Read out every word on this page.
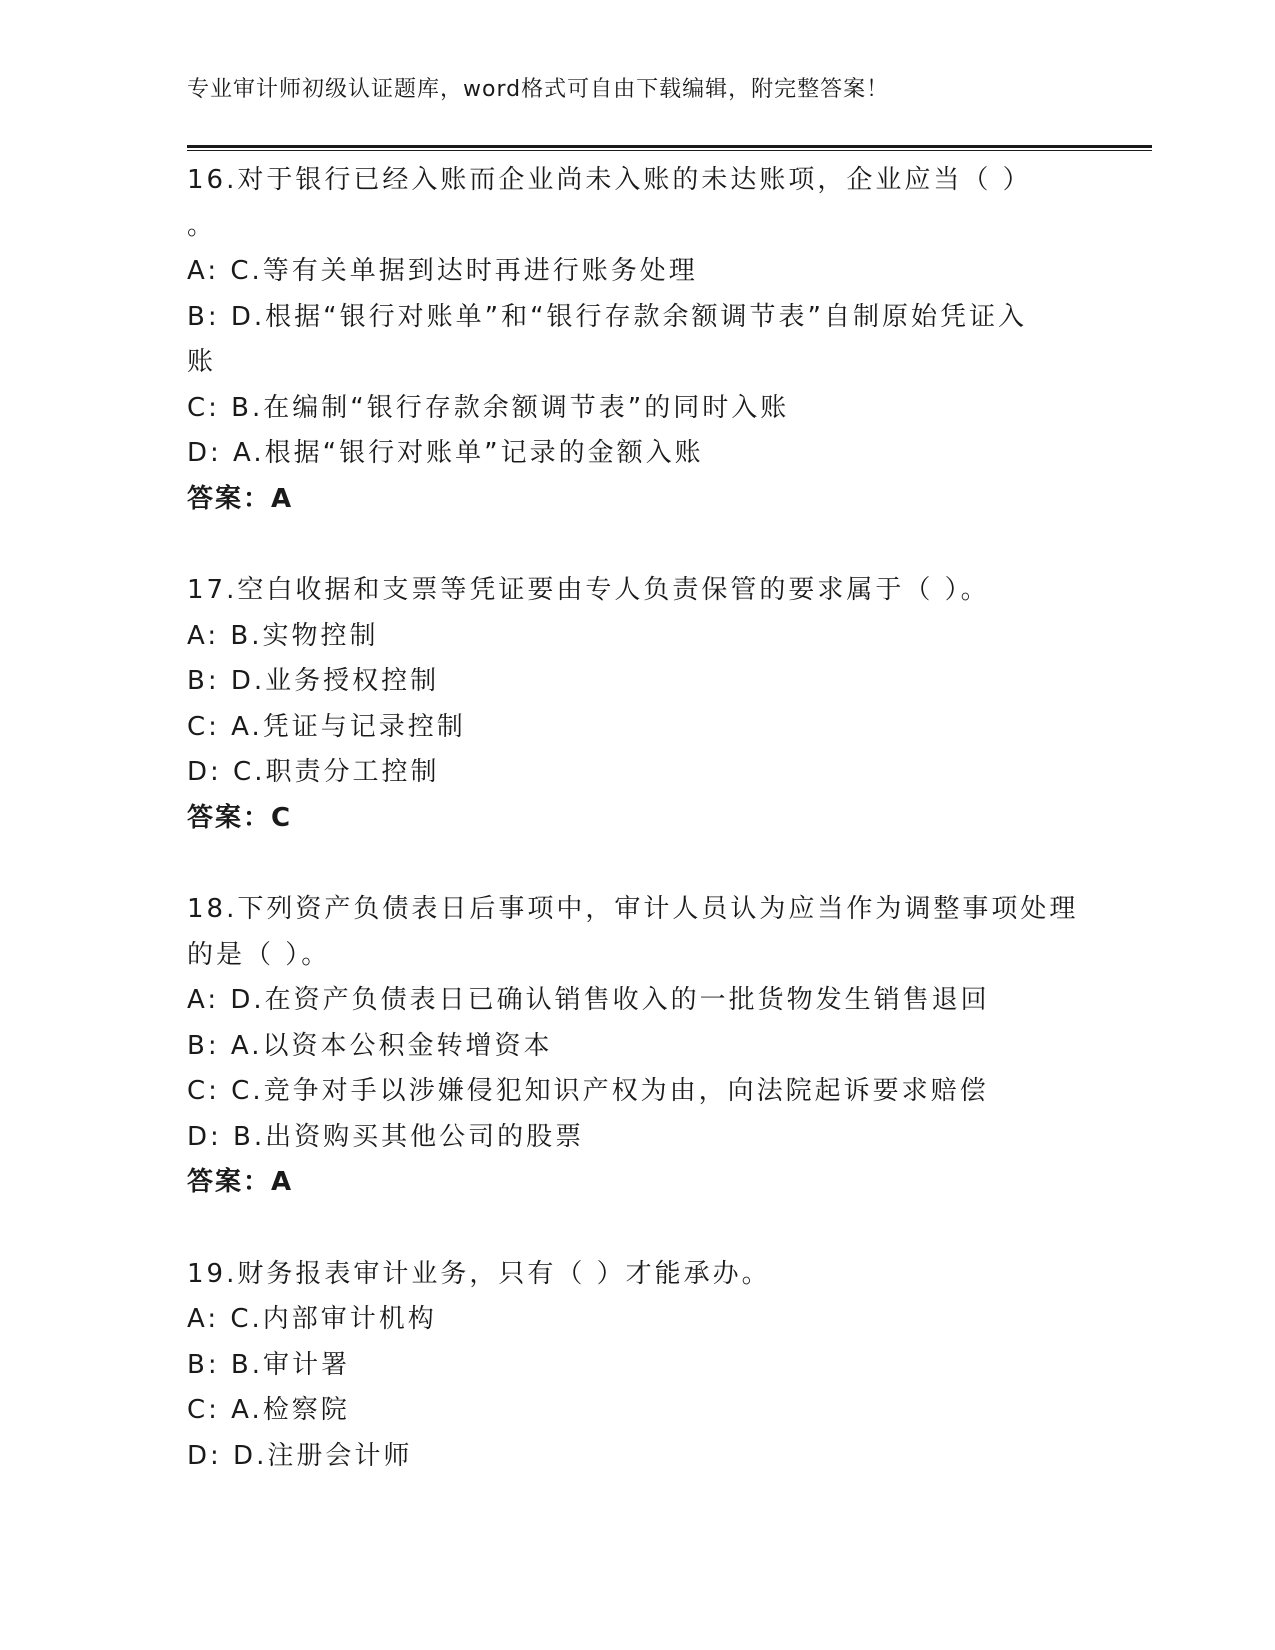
专业审计师初级认证题库，word格式可自由下载编辑，附完整答案！
16.对于银行已经入账而企业尚未入账的未达账项，企业应当（ ）
。
A: C.等有关单据到达时再进行账务处理
B: D.根据“银行对账单”和“银行存款余额调节表”自制原始凭证入
账
C: B.在编制“银行存款余额调节表”的同时入账
D: A.根据“银行对账单”记录的金额入账
答案：A
17.空白收据和支票等凭证要由专人负责保管的要求属于（ ）。
A: B.实物控制
B: D.业务授权控制
C: A.凭证与记录控制
D: C.职责分工控制
答案：C
18.下列资产负债表日后事项中，审计人员认为应当作为调整事项处理
的是（ ）。
A: D.在资产负债表日已确认销售收入的一批货物发生销售退回
B: A.以资本公积金转增资本
C: C.竞争对手以涉嫌侵犯知识产权为由，向法院起诉要求赔偿
D: B.出资购买其他公司的股票
答案：A
19.财务报表审计业务，只有（ ）才能承办。
A: C.内部审计机构
B: B.审计署
C: A.检察院
D: D.注册会计师
